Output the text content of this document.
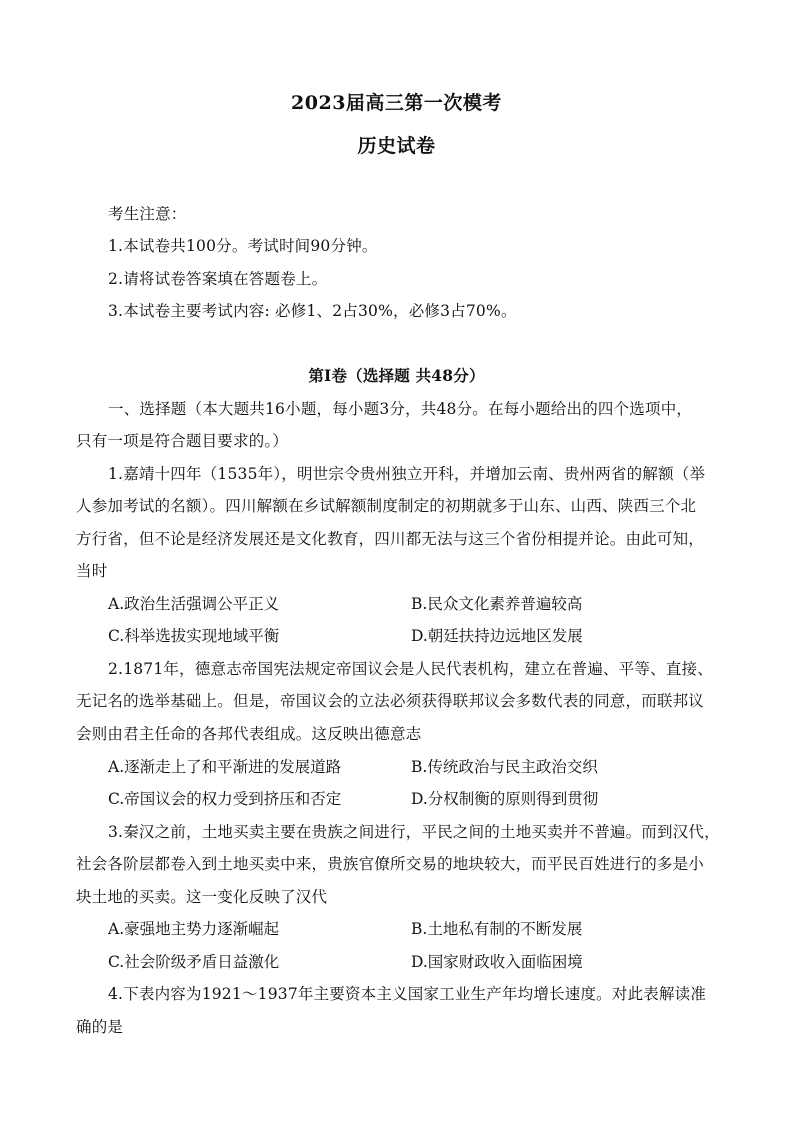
2023届高三第一次模考
历史试卷
考生注意：
1.本试卷共100分。考试时间90分钟。
2.请将试卷答案填在答题卷上。
3.本试卷主要考试内容: 必修1、2占30%，必修3占70%。
第Ⅰ卷（选择题 共48分）
一、选择题（本大题共16小题，每小题3分，共48分。在每小题给出的四个选项中，
只有一项是符合题目要求的。）
1.嘉靖十四年（1535年），明世宗令贵州独立开科，并增加云南、贵州两省的解额（举
人参加考试的名额）。四川解额在乡试解额制度制定的初期就多于山东、山西、陕西三个北
方行省，但不论是经济发展还是文化教育，四川都无法与这三个省份相提并论。由此可知，
当时
A.政治生活强调公平正义	B.民众文化素养普遍较高
C.科举选拔实现地域平衡	D.朝廷扶持边远地区发展
2.1871年，德意志帝国宪法规定帝国议会是人民代表机构，建立在普遍、平等、直接、
无记名的选举基础上。但是，帝国议会的立法必须获得联邦议会多数代表的同意，而联邦议
会则由君主任命的各邦代表组成。这反映出德意志
A.逐渐走上了和平渐进的发展道路	B.传统政治与民主政治交织
C.帝国议会的权力受到挤压和否定	D.分权制衡的原则得到贯彻
3.秦汉之前，土地买卖主要在贵族之间进行，平民之间的土地买卖并不普遍。而到汉代，
社会各阶层都卷入到土地买卖中来，贵族官僚所交易的地块较大，而平民百姓进行的多是小
块土地的买卖。这一变化反映了汉代
A.豪强地主势力逐渐崛起	B.土地私有制的不断发展
C.社会阶级矛盾日益激化	D.国家财政收入面临困境
4.下表内容为1921～1937年主要资本主义国家工业生产年均增长速度。对此表解读准
确的是
